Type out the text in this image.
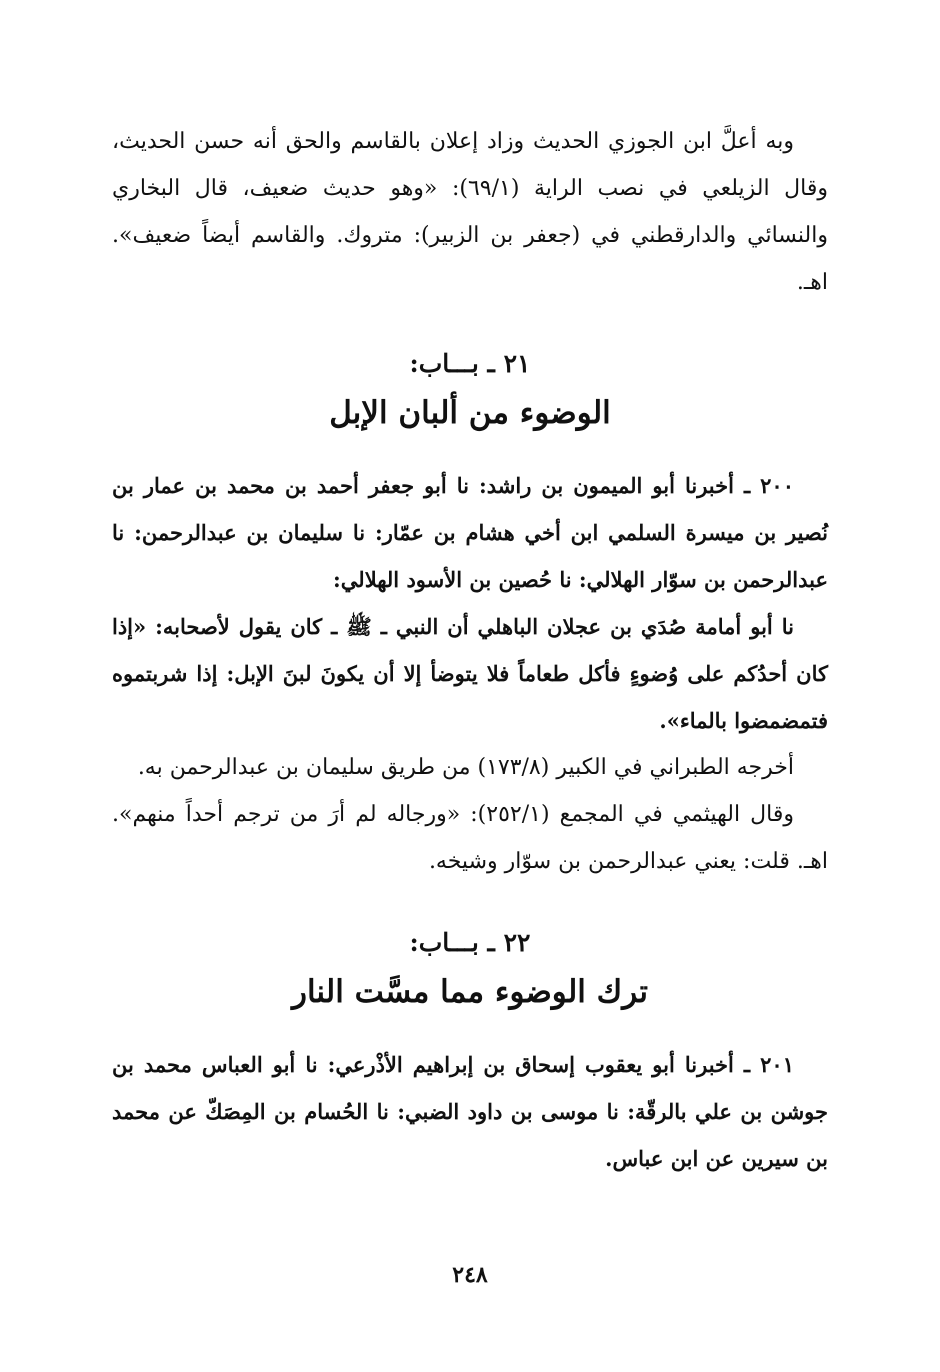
وبه أعلَّ ابن الجوزي الحديث وزاد إعلان بالقاسم والحق أنه حسن الحديث، وقال الزيلعي في نصب الراية (٦٩/١): «وهو حديث ضعيف، قال البخاري والنسائي والدارقطني في (جعفر بن الزبير): متروك. والقاسم أيضاً ضعيف». اهـ.

٢١ ـ بـــاب:
الوضوء من ألبان الإبل

٢٠٠ ـ أخبرنا أبو الميمون بن راشد: نا أبو جعفر أحمد بن محمد بن عمار بن نُصير بن ميسرة السلمي ابن أخي هشام بن عمّار: نا سليمان بن عبدالرحمن: نا عبدالرحمن بن سوّار الهلالي: نا حُصين بن الأسود الهلالي:

نا أبو أمامة صُدَي بن عجلان الباهلي أن النبي ـ ﷺ ـ كان يقول لأصحابه: «إذا كان أحدُكم على وُضوءٍ فأكل طعاماً فلا يتوضأ إلا أن يكونَ لبنَ الإبل: إذا شربتموه فتمضمضوا بالماء».

أخرجه الطبراني في الكبير (١٧٣/٨) من طريق سليمان بن عبدالرحمن به.

وقال الهيثمي في المجمع (٢٥٢/١): «ورجاله لم أرَ من ترجم أحداً منهم». اهـ. قلت: يعني عبدالرحمن بن سوّار وشيخه.

٢٢ ـ بـــاب:
ترك الوضوء مما مسَّت النار

٢٠١ ـ أخبرنا أبو يعقوب إسحاق بن إبراهيم الأذْرعي: نا أبو العباس محمد بن جوشن بن علي بالرقّة: نا موسى بن داود الضبي: نا الحُسام بن المِصَكّ عن محمد بن سيرين عن ابن عباس.

٢٤٨
